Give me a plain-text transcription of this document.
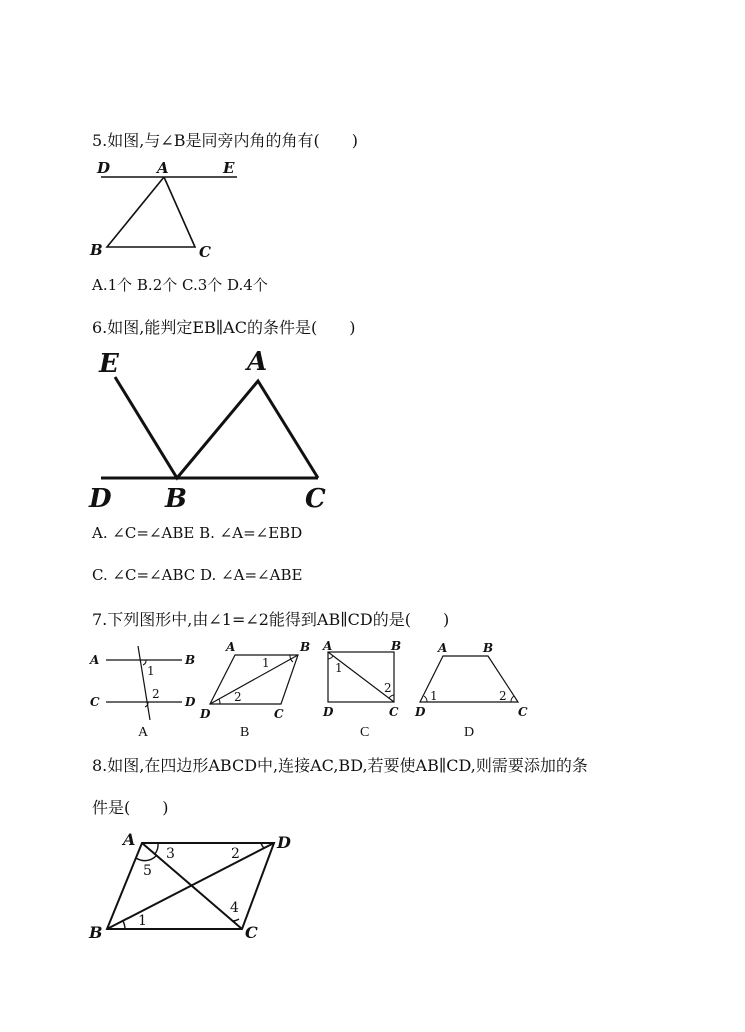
5.如图,与∠B是同旁内角的角有(　　)
D	A	E
B	C
A.1个 B.2个 C.3个 D.4个
6.如图,能判定EB∥AC的条件是(　　)
E	A
D B	C
A. ∠C=∠ABE B. ∠A=∠EBD
C. ∠C=∠ABC D. ∠A=∠ABE
7.下列图形中,由∠1=∠2能得到AB∥CD的是(　　)
A	B
C	D
1
2
A
A	B
C
D
1
2
B
A	B
C
D
1
2
C
A	B
C
D
1	2
D
8.如图,在四边形ABCD中,连接AC,BD,若要使AB∥CD,则需要添加的条
件是(　　)
A	D
B	C
1
2
3
4
5
